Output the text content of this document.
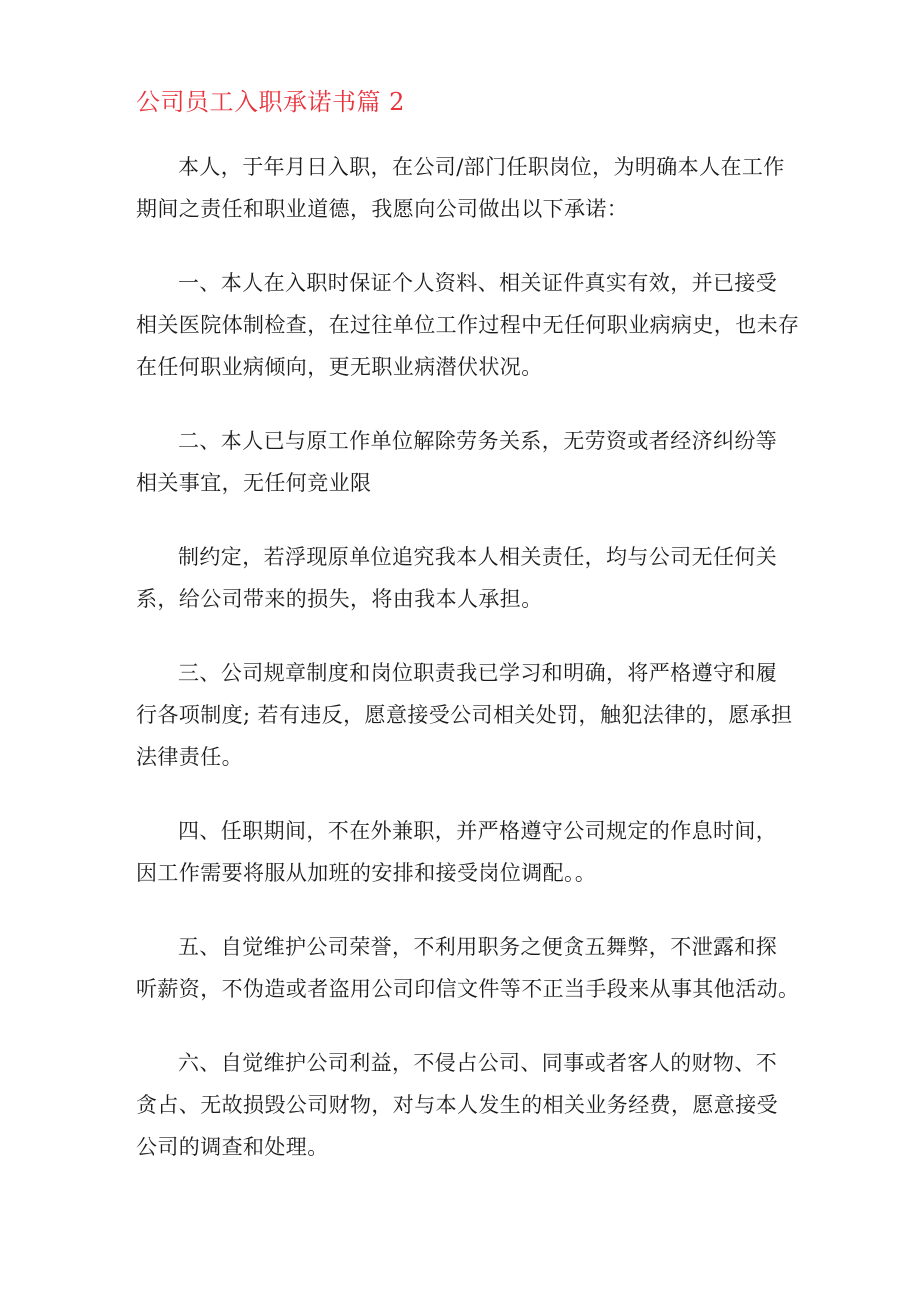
公司员工入职承诺书篇 2

本人，于年月日入职，在公司/部门任职岗位，为明确本人在工作
期间之责任和职业道德，我愿向公司做出以下承诺：

一、本人在入职时保证个人资料、相关证件真实有效，并已接受
相关医院体制检查，在过往单位工作过程中无任何职业病病史，也未存
在任何职业病倾向，更无职业病潜伏状况。

二、本人已与原工作单位解除劳务关系，无劳资或者经济纠纷等
相关事宜，无任何竞业限

制约定，若浮现原单位追究我本人相关责任，均与公司无任何关
系，给公司带来的损失，将由我本人承担。

三、公司规章制度和岗位职责我已学习和明确，将严格遵守和履
行各项制度; 若有违反，愿意接受公司相关处罚，触犯法律的，愿承担
法律责任。

四、任职期间，不在外兼职，并严格遵守公司规定的作息时间，
因工作需要将服从加班的安排和接受岗位调配。。

五、自觉维护公司荣誉，不利用职务之便贪五舞弊，不泄露和探
听薪资，不伪造或者盗用公司印信文件等不正当手段来从事其他活动。

六、自觉维护公司利益，不侵占公司、同事或者客人的财物、不
贪占、无故损毁公司财物，对与本人发生的相关业务经费，愿意接受
公司的调查和处理。
